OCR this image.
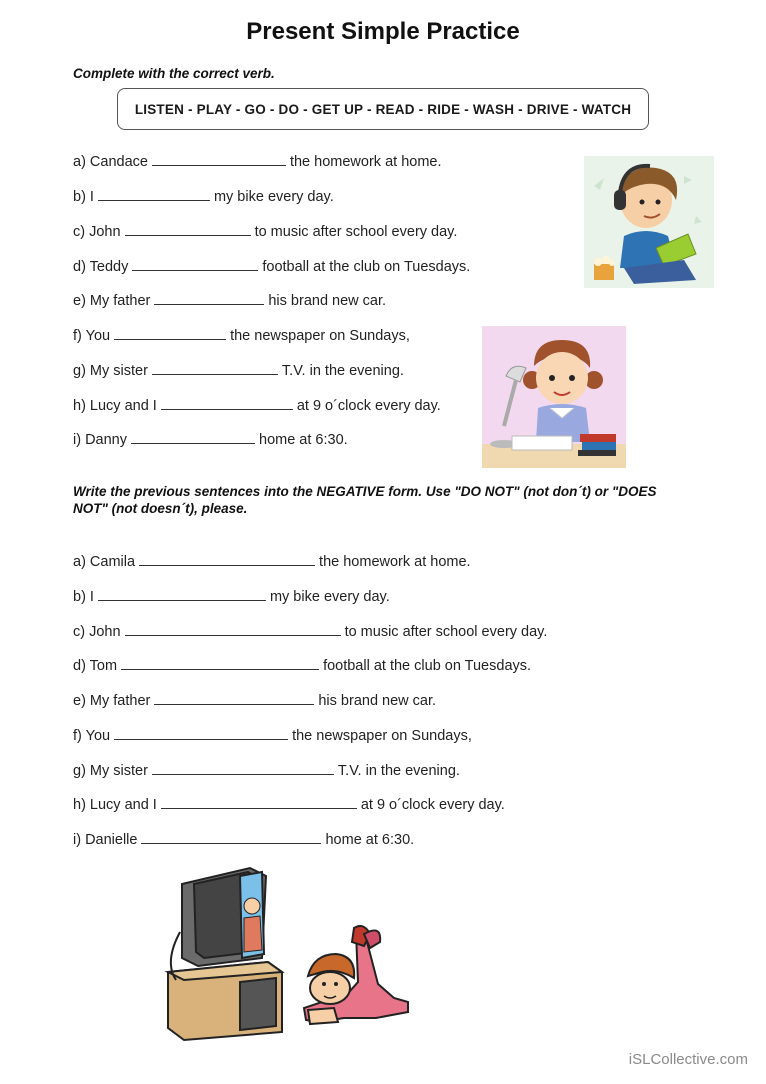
Present Simple Practice
Complete with the correct verb.
LISTEN - PLAY - GO - DO - GET UP - READ - RIDE - WASH - DRIVE - WATCH
a) Candace	the homework at home.
b) I	my bike every day.
c) John	to music after school every day.
d) Teddy	football at the club on Tuesdays.
e) My father	his brand new car.
f) You	the newspaper on Sundays,
g) My sister	T.V. in the evening.
h) Lucy and I	at 9 o´clock every day.
i) Danny	home at 6:30.
Write the previous sentences into the NEGATIVE form. Use "DO NOT" (not don´t) or "DOES
NOT" (not doesn´t), please.
a) Camila	the homework at home.
b) I	my bike every day.
c) John	to music after school every day.
d) Tom	football at the club on Tuesdays.
e) My father	his brand new car.
f) You	the newspaper on Sundays,
g) My sister	T.V. in the evening.
h) Lucy and I	at 9 o´clock every day.
i) Danielle	home at 6:30.
iSLCollective.com
